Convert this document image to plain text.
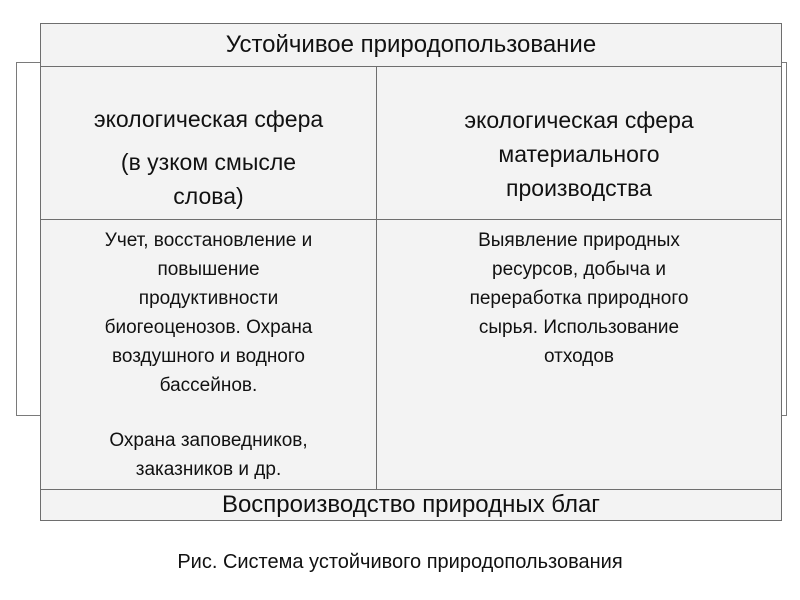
Устойчивое природопользование
экологическая сфера
(в узком смысле
слова)
экологическая сфера
материального
производства
Учет, восстановление и
повышение
продуктивности
биогеоценозов. Охрана
воздушного и водного
бассейнов.
Охрана заповедников,
заказников и др.
Выявление природных
ресурсов, добыча и
переработка природного
сырья. Использование
отходов
Воспроизводство природных благ
Рис. Система устойчивого природопользования
